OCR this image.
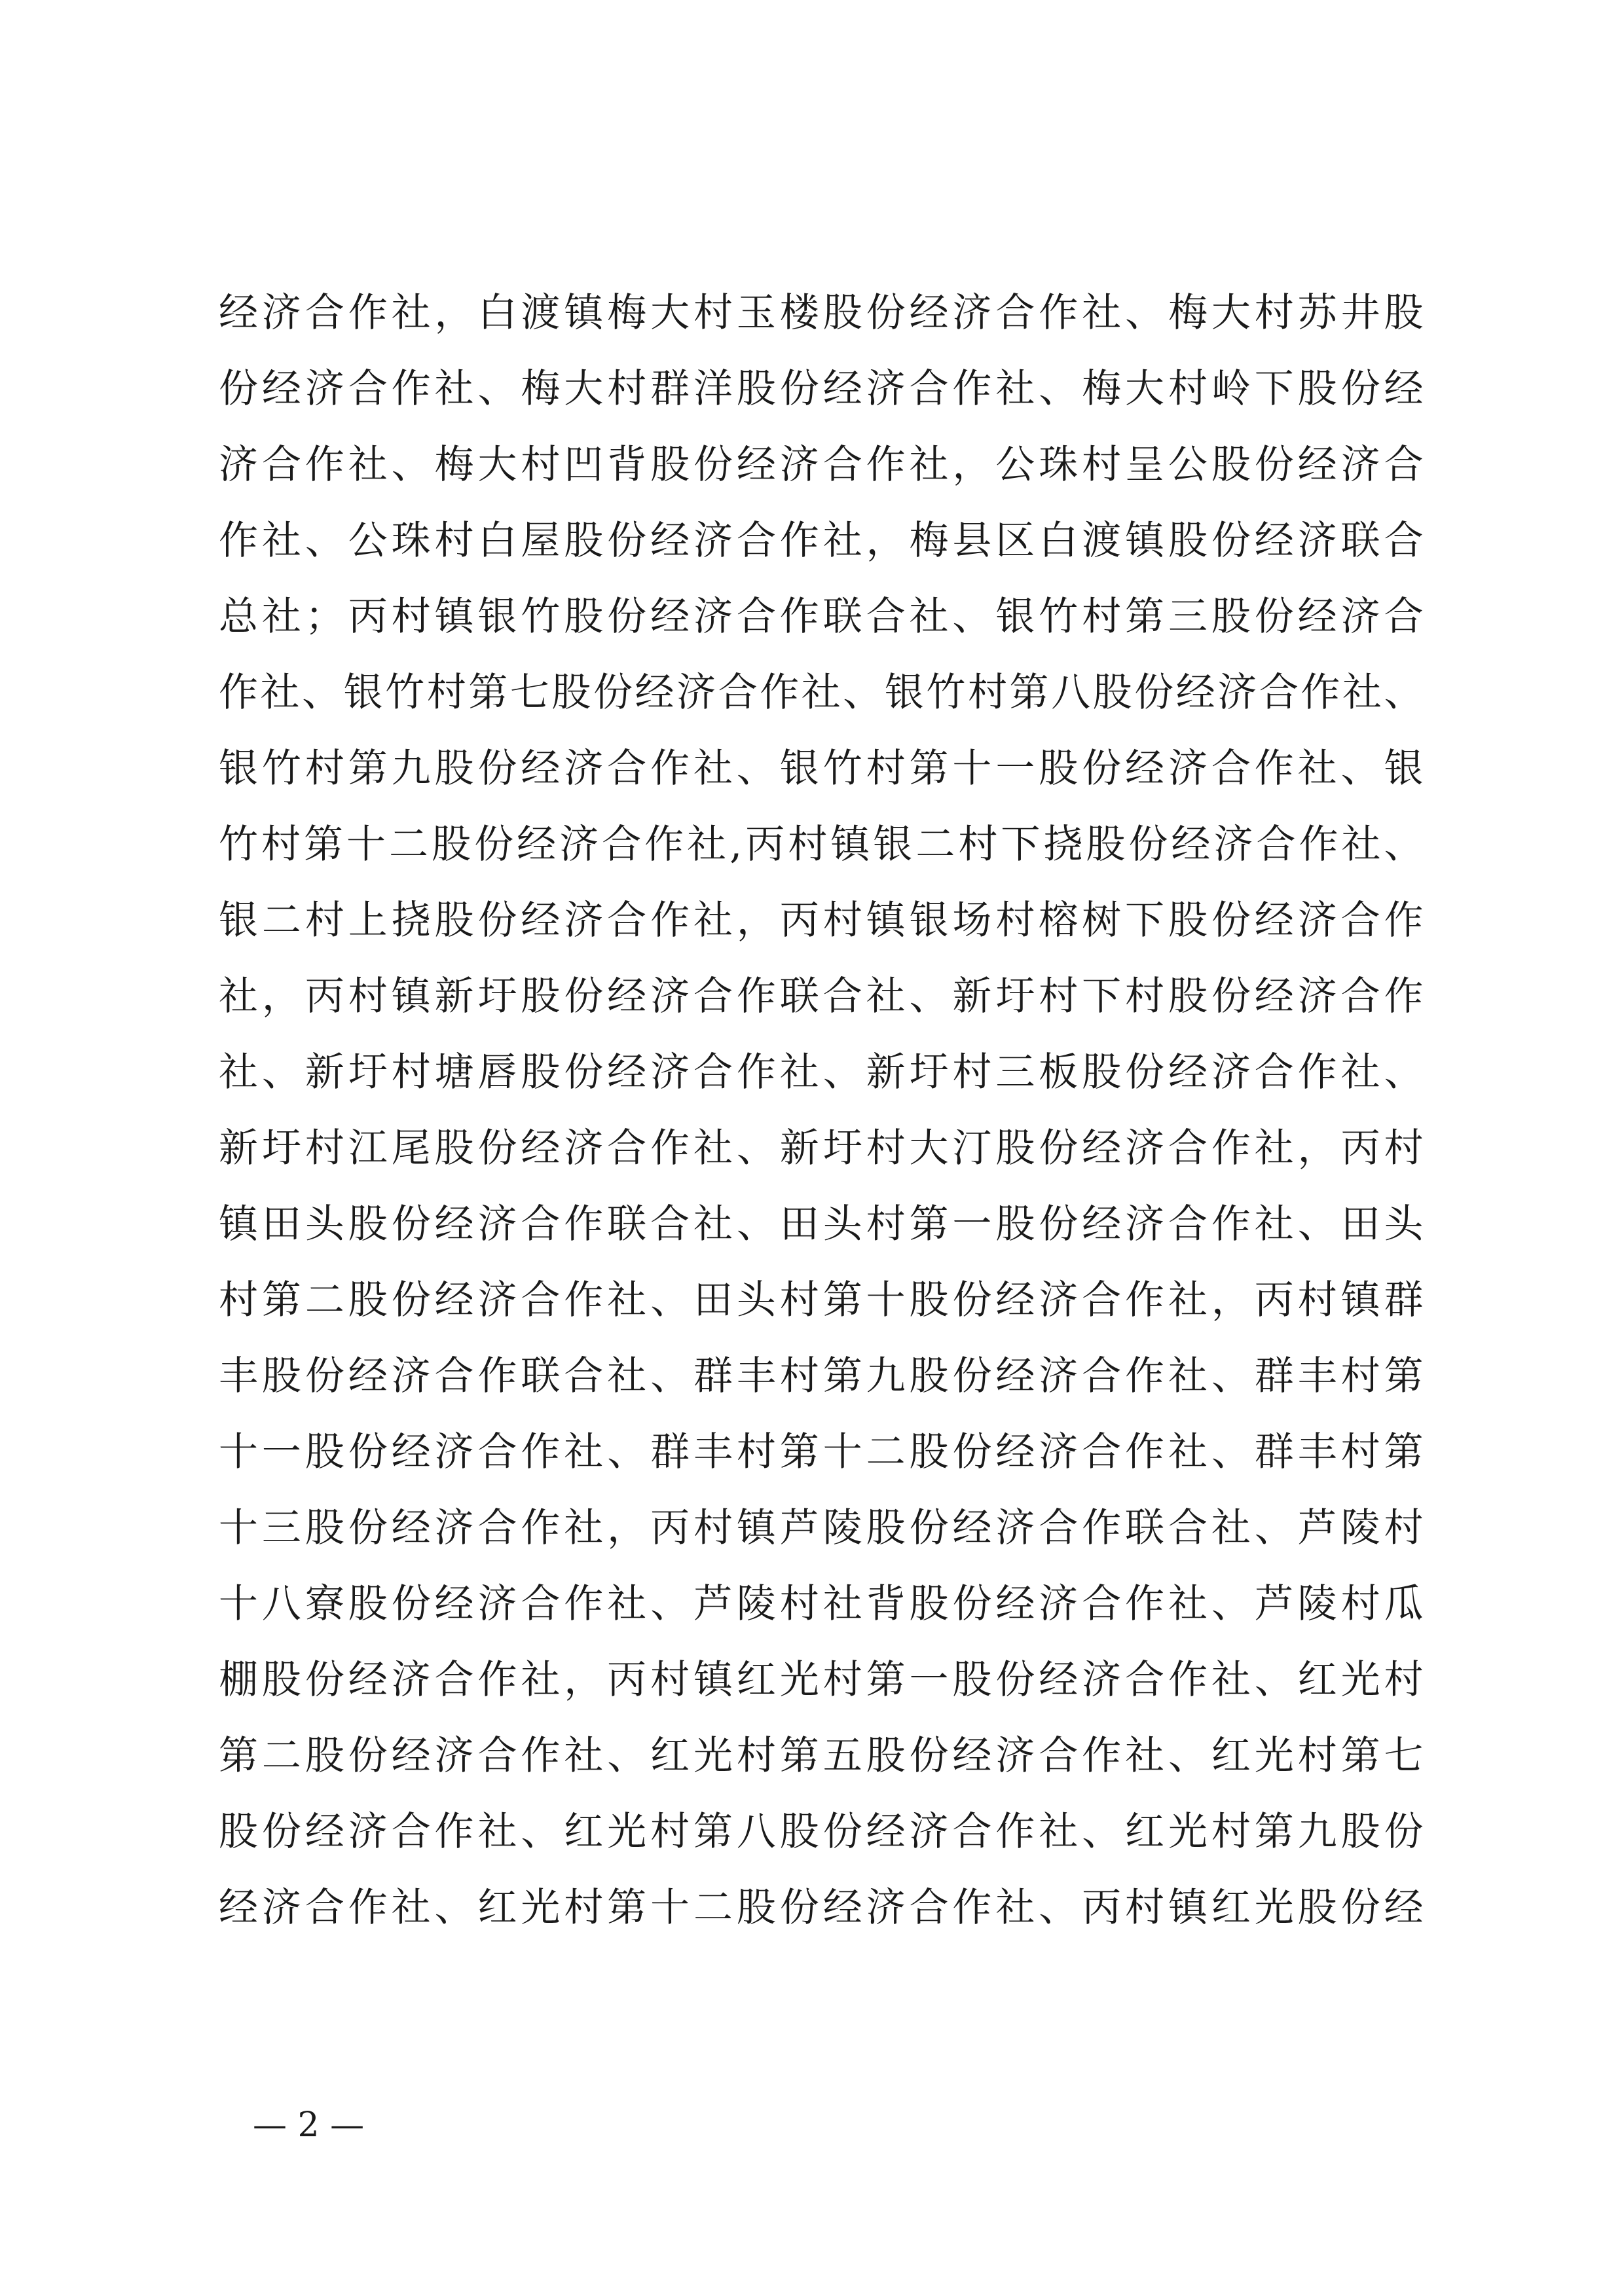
经济合作社，白渡镇梅大村玉楼股份经济合作社、梅大村苏井股
份经济合作社、梅大村群洋股份经济合作社、梅大村岭下股份经
济合作社、梅大村凹背股份经济合作社，公珠村呈公股份经济合
作社、公珠村白屋股份经济合作社，梅县区白渡镇股份经济联合
总社；丙村镇银竹股份经济合作联合社、银竹村第三股份经济合
作社、银竹村第七股份经济合作社、银竹村第八股份经济合作社、
银竹村第九股份经济合作社、银竹村第十一股份经济合作社、银
竹村第十二股份经济合作社,丙村镇银二村下挠股份经济合作社、
银二村上挠股份经济合作社，丙村镇银场村榕树下股份经济合作
社，丙村镇新圩股份经济合作联合社、新圩村下村股份经济合作
社、新圩村塘唇股份经济合作社、新圩村三板股份经济合作社、
新圩村江尾股份经济合作社、新圩村大汀股份经济合作社，丙村
镇田头股份经济合作联合社、田头村第一股份经济合作社、田头
村第二股份经济合作社、田头村第十股份经济合作社，丙村镇群
丰股份经济合作联合社、群丰村第九股份经济合作社、群丰村第
十一股份经济合作社、群丰村第十二股份经济合作社、群丰村第
十三股份经济合作社，丙村镇芦陵股份经济合作联合社、芦陵村
十八寮股份经济合作社、芦陵村社背股份经济合作社、芦陵村瓜
棚股份经济合作社，丙村镇红光村第一股份经济合作社、红光村
第二股份经济合作社、红光村第五股份经济合作社、红光村第七
股份经济合作社、红光村第八股份经济合作社、红光村第九股份
经济合作社、红光村第十二股份经济合作社、丙村镇红光股份经
— 2 —
